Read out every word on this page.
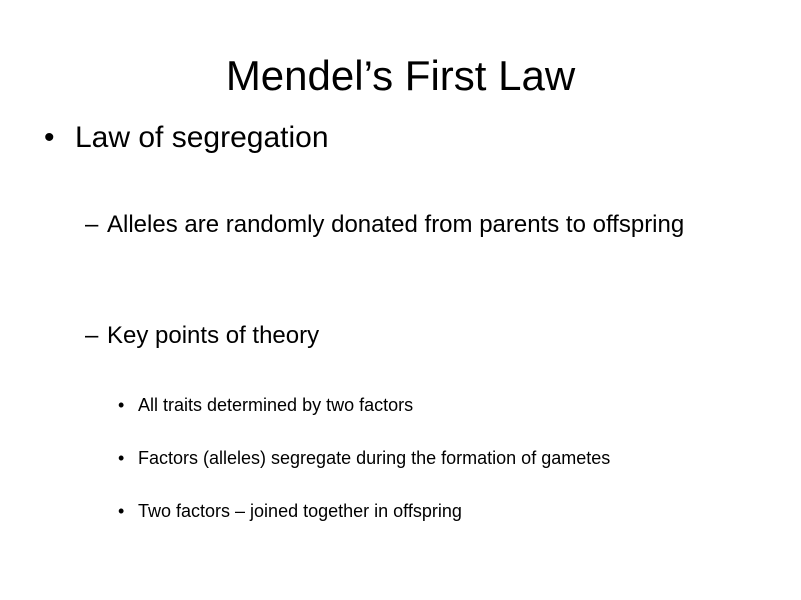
Mendel’s First Law
• Law of segregation
– Alleles are randomly donated from parents to offspring
– Key points of theory
• All traits determined by two factors
• Factors (alleles) segregate during the formation of gametes
• Two factors – joined together in offspring
